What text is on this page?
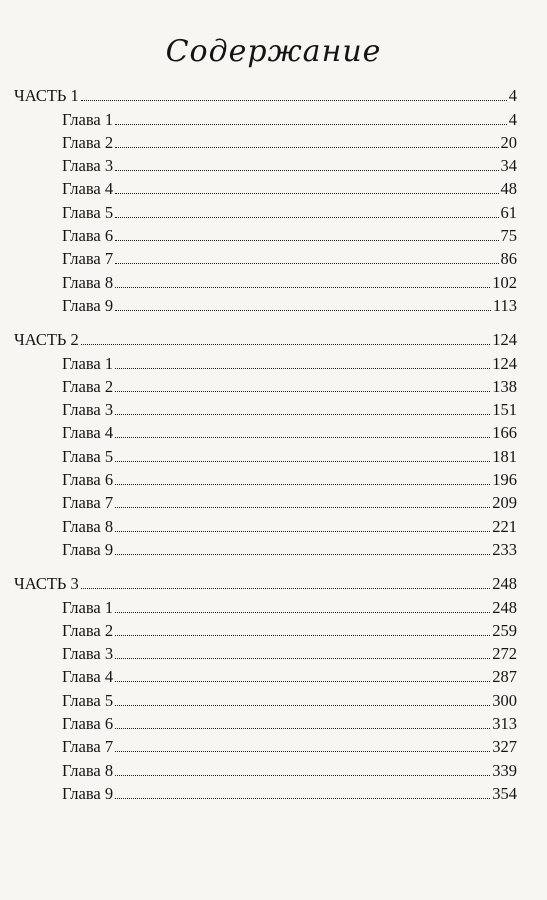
Содержание
ЧАСТЬ 1	4
Глава 1	4
Глава 2	20
Глава 3	34
Глава 4	48
Глава 5	61
Глава 6	75
Глава 7	86
Глава 8	102
Глава 9	113
ЧАСТЬ 2	124
Глава 1	124
Глава 2	138
Глава 3	151
Глава 4	166
Глава 5	181
Глава 6	196
Глава 7	209
Глава 8	221
Глава 9	233
ЧАСТЬ 3	248
Глава 1	248
Глава 2	259
Глава 3	272
Глава 4	287
Глава 5	300
Глава 6	313
Глава 7	327
Глава 8	339
Глава 9	354
